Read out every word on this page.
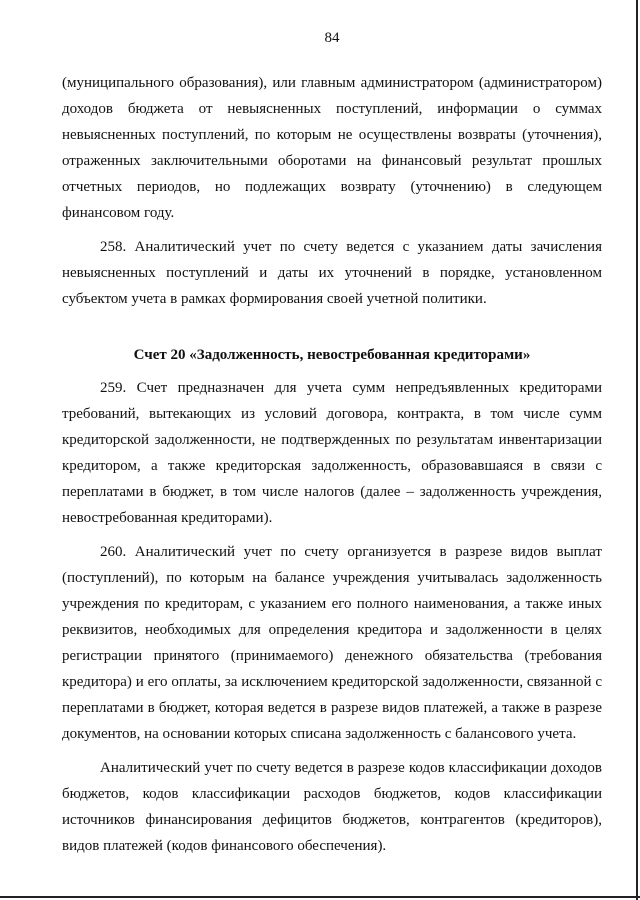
84

(муниципального образования), или главным администратором (администратором) доходов бюджета от невыясненных поступлений, информации о суммах невыясненных поступлений, по которым не осуществлены возвраты (уточнения), отраженных заключительными оборотами на финансовый результат прошлых отчетных периодов, но подлежащих возврату (уточнению) в следующем финансовом году.

258. Аналитический учет по счету ведется с указанием даты зачисления невыясненных поступлений и даты их уточнений в порядке, установленном субъектом учета в рамках формирования своей учетной политики.

Счет 20 «Задолженность, невостребованная кредиторами»

259. Счет предназначен для учета сумм непредъявленных кредиторами требований, вытекающих из условий договора, контракта, в том числе сумм кредиторской задолженности, не подтвержденных по результатам инвентаризации кредитором, а также кредиторская задолженность, образовавшаяся в связи с переплатами в бюджет, в том числе налогов (далее – задолженность учреждения, невостребованная кредиторами).

260. Аналитический учет по счету организуется в разрезе видов выплат (поступлений), по которым на балансе учреждения учитывалась задолженность учреждения по кредиторам, с указанием его полного наименования, а также иных реквизитов, необходимых для определения кредитора и задолженности в целях регистрации принятого (принимаемого) денежного обязательства (требования кредитора) и его оплаты, за исключением кредиторской задолженности, связанной с переплатами в бюджет, которая ведется в разрезе видов платежей, а также в разрезе документов, на основании которых списана задолженность с балансового учета.

Аналитический учет по счету ведется в разрезе кодов классификации доходов бюджетов, кодов классификации расходов бюджетов, кодов классификации источников финансирования дефицитов бюджетов, контрагентов (кредиторов), видов платежей (кодов финансового обеспечения).
